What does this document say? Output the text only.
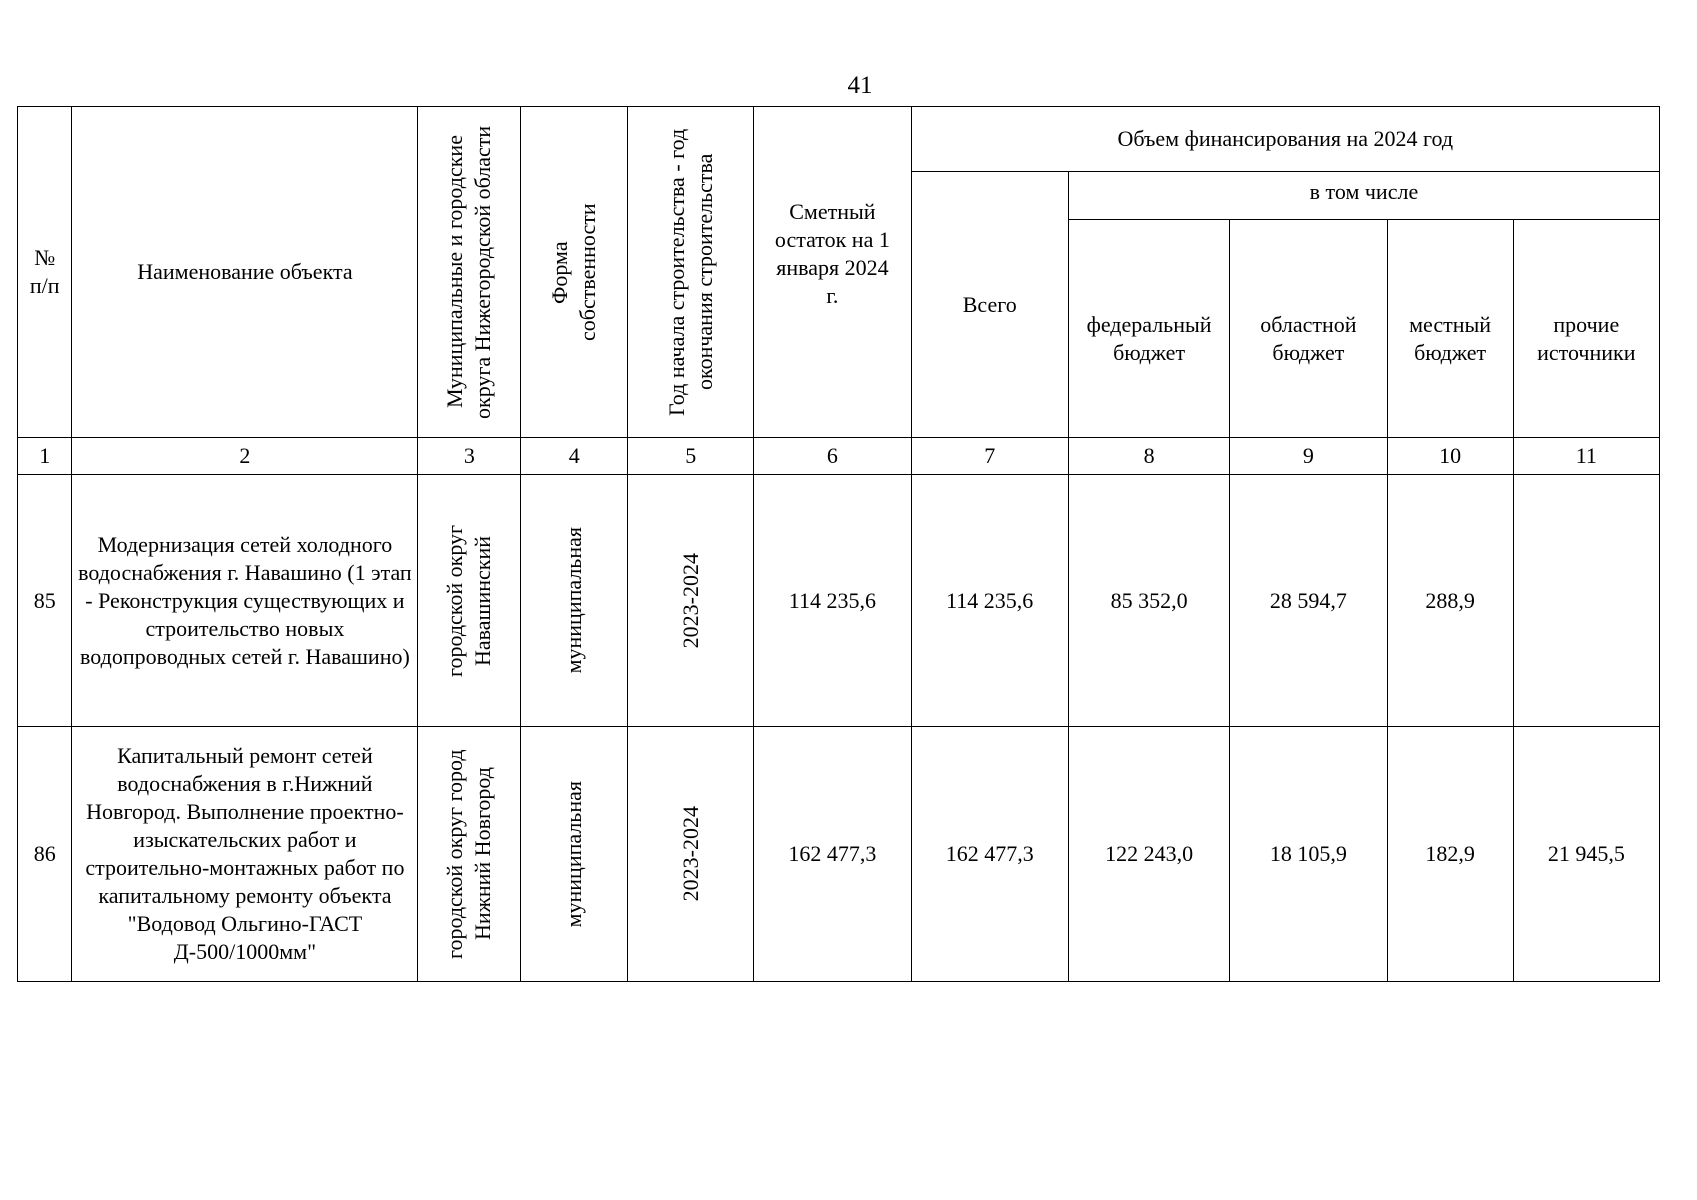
41
№ п/п	Наименование объекта	Муниципальные и городские округа Нижегородской области	Форма собственности	Год начала строительства - год окончания строительства	Сметный остаток на 1 января 2024 г.	Объем финансирования на 2024 год				
						Всего	в том числе			

							федеральный бюджет	областной бюджет	местный бюджет	прочие источники

1	2	3	4	5	6	7	8	9	10	11
85	Модернизация сетей холодного водоснабжения г. Навашино (1 этап - Реконструкция существующих и строительство новых водопроводных сетей г. Навашино)	городской округ Навашинский	муниципальная	2023-2024	114 235,6	114 235,6	85 352,0	28 594,7	288,9	
86	Капитальный ремонт сетей водоснабжения в г.Нижний Новгород. Выполнение проектно-изыскательских работ и строительно-монтажных работ по капитальному ремонту объекта "Водовод Ольгино-ГАСТ Д-500/1000мм"	городской округ город Нижний Новгород	муниципальная	2023-2024	162 477,3	162 477,3	122 243,0	18 105,9	182,9	21 945,5
